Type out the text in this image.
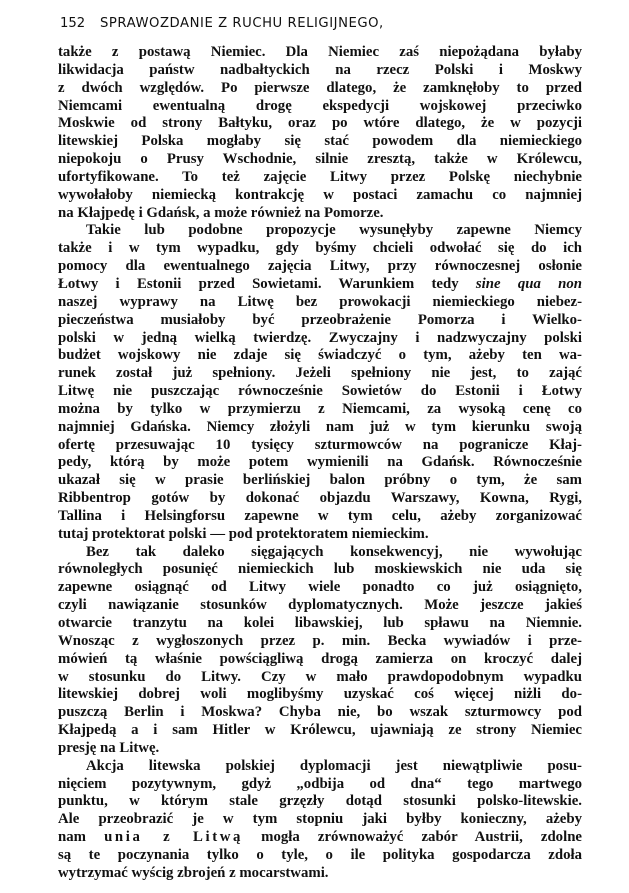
152	SPRAWOZDANIE Z RUCHU RELIGIJNEGO,
także z postawą Niemiec. Dla Niemiec zaś niepożądana byłaby
likwidacja państw nadbałtyckich na rzecz Polski i Moskwy
z dwóch względów. Po pierwsze dlatego, że zamknęłoby to przed
Niemcami ewentualną drogę ekspedycji wojskowej przeciwko
Moskwie od strony Bałtyku, oraz po wtóre dlatego, że w pozycji
litewskiej Polska mogłaby się stać powodem dla niemieckiego
niepokoju o Prusy Wschodnie, silnie zresztą, także w Królewcu,
ufortyfikowane. To też zajęcie Litwy przez Polskę niechybnie
wywołałoby niemiecką kontrakcję w postaci zamachu co najmniej
na Kłajpedę i Gdańsk, a może również na Pomorze.
Takie lub podobne propozycje wysunęłyby zapewne Niemcy
także i w tym wypadku, gdy byśmy chcieli odwołać się do ich
pomocy dla ewentualnego zajęcia Litwy, przy równoczesnej osłonie
Łotwy i Estonii przed Sowietami. Warunkiem tedy sine qua non
naszej wyprawy na Litwę bez prowokacji niemieckiego niebez-
pieczeństwa musiałoby być przeobrażenie Pomorza i Wielko-
polski w jedną wielką twierdzę. Zwyczajny i nadzwyczajny polski
budżet wojskowy nie zdaje się świadczyć o tym, ażeby ten wa-
runek został już spełniony. Jeżeli spełniony nie jest, to zająć
Litwę nie puszczając równocześnie Sowietów do Estonii i Łotwy
można by tylko w przymierzu z Niemcami, za wysoką cenę co
najmniej Gdańska. Niemcy złożyli nam już w tym kierunku swoją
ofertę przesuwając 10 tysięcy szturmowców na pograniczе Kłaj-
pedy, którą by może potem wymienili na Gdańsk. Równocześnie
ukazał się w prasie berlińskiej balon próbny o tym, że sam
Ribbentrop gotów by dokonać objazdu Warszawy, Kowna, Rygi,
Tallina i Helsingforsu zapewne w tym celu, ażeby zorganizować
tutaj protektorat polski — pod protektoratem niemieckim.
Bez tak daleko sięgających konsekwencyj, nie wywołując
równoległych posunięć niemieckich lub moskiewskich nie uda się
zapewne osiągnąć od Litwy wiele ponadto co już osiągnięto,
czyli nawiązanie stosunków dyplomatycznych. Może jeszcze jakieś
otwarcie tranzytu na kolei libawskiej, lub spławu na Niemnie.
Wnosząc z wygłoszonych przez p. min. Becka wywiadów i prze-
mówień tą właśnie powściągliwą drogą zamierza on kroczyć dalej
w stosunku do Litwy. Czy w mało prawdopodobnym wypadku
litewskiej dobrej woli moglibyśmy uzyskać coś więcej niżli do-
puszczą Berlin i Moskwa? Chyba nie, bo wszak szturmowcy pod
Kłajpedą a i sam Hitler w Królewcu, ujawniają ze strony Niemiec
presję na Litwę.
Akcja litewska polskiej dyplomacji jest niewątpliwie posu-
nięciem pozytywnym, gdyż „odbija od dna“ tego martwego
punktu, w którym stale grzęzły dotąd stosunki polsko-litewskie.
Ale przeobrazić je w tym stopniu jaki byłby konieczny, ażeby
nam unia z Litwą mogła zrównoważyć zabór Austrii, zdolne
są te poczynania tylko o tyle, o ile polityka gospodarcza zdoła
wytrzymać wyścig zbrojeń z mocarstwami.
